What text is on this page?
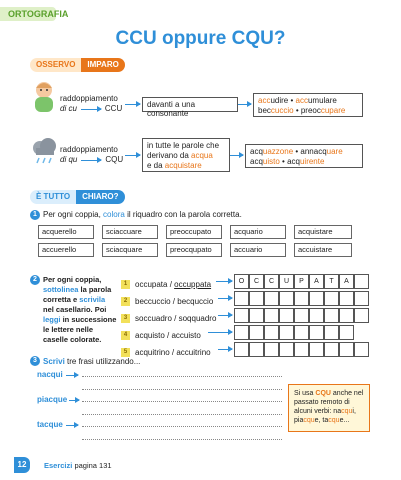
ORTOGRAFIA
CCU oppure CQU?
OSSERVO	IMPARO
raddoppiamento
di cu	CCU	davanti a una consonante
accudire • accumulare
beccuccio • preoccupare
raddoppiamento
di qu	CQU
in tutte le parole che
derivano da acqua
e da acquistare
acquazzone • annacquare
acquisto • acquirente
È TUTTO	CHIARO?
1 Per ogni coppia, colora il riquadro con la parola corretta.
acquerello	sciaccuare	preoccupato	acquario	acquistare
accuerello	sciacquare	preocqupato	accuario	accuistare
2 Per ogni coppia,
sottolinea la parola
corretta e scrivila
nel casellario. Poi
leggi in successione
le lettere nelle
caselle colorate.
1 occupata / occuppata
2 beccuccio / becquccio
3 soccuadro / soqquadro
4 acquisto / accuisto
5 acquitrino / accuitrino
O	C	C	U	P	A	T	A
3 Scrivi tre frasi utilizzando...
nacqui
piacque
tacque
Si usa CQU anche nel
passato remoto di
alcuni verbi: nacqui,
piacque, tacque...
12	Esercizi pagina 131
